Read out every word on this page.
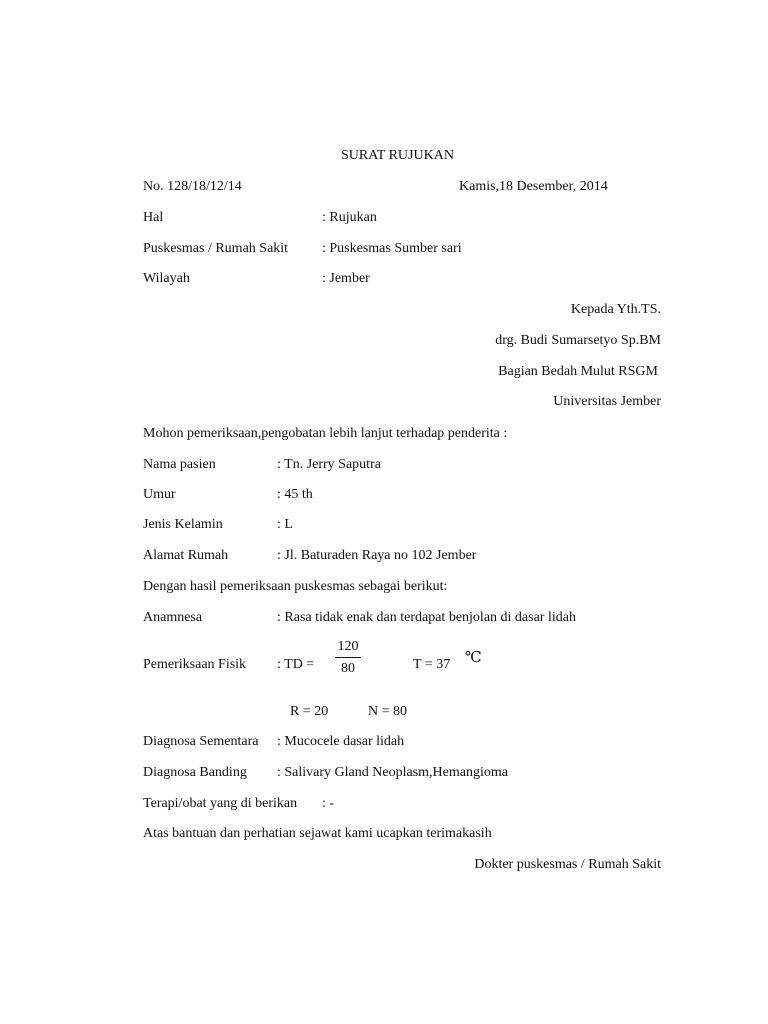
SURAT RUJUKAN
No. 128/18/12/14	Kamis,18 Desember, 2014
Hal	: Rujukan
Puskesmas / Rumah Sakit : Puskesmas Sumber sari
Wilayah	: Jember
Kepada Yth.TS.
drg. Budi Sumarsetyo Sp.BM
Bagian Bedah Mulut RSGM
Universitas Jember
Mohon pemeriksaan,pengobatan lebih lanjut terhadap penderita :
Nama pasien	: Tn. Jerry Saputra
Umur	: 45 th
Jenis Kelamin	: L
Alamat Rumah	: Jl. Baturaden Raya no 102 Jember
Dengan hasil pemeriksaan puskesmas sebagai berikut:
Anamnesa	: Rasa tidak enak dan terdapat benjolan di dasar lidah
Pemeriksaan Fisik : TD =
120
80	T = 37 ℃
R = 20	N = 80
Diagnosa Sementara : Mucocele dasar lidah
Diagnosa Banding : Salivary Gland Neoplasm,Hemangioma
Terapi/obat yang di berikan : -
Atas bantuan dan perhatian sejawat kami ucapkan terimakasih
Dokter puskesmas / Rumah Sakit
